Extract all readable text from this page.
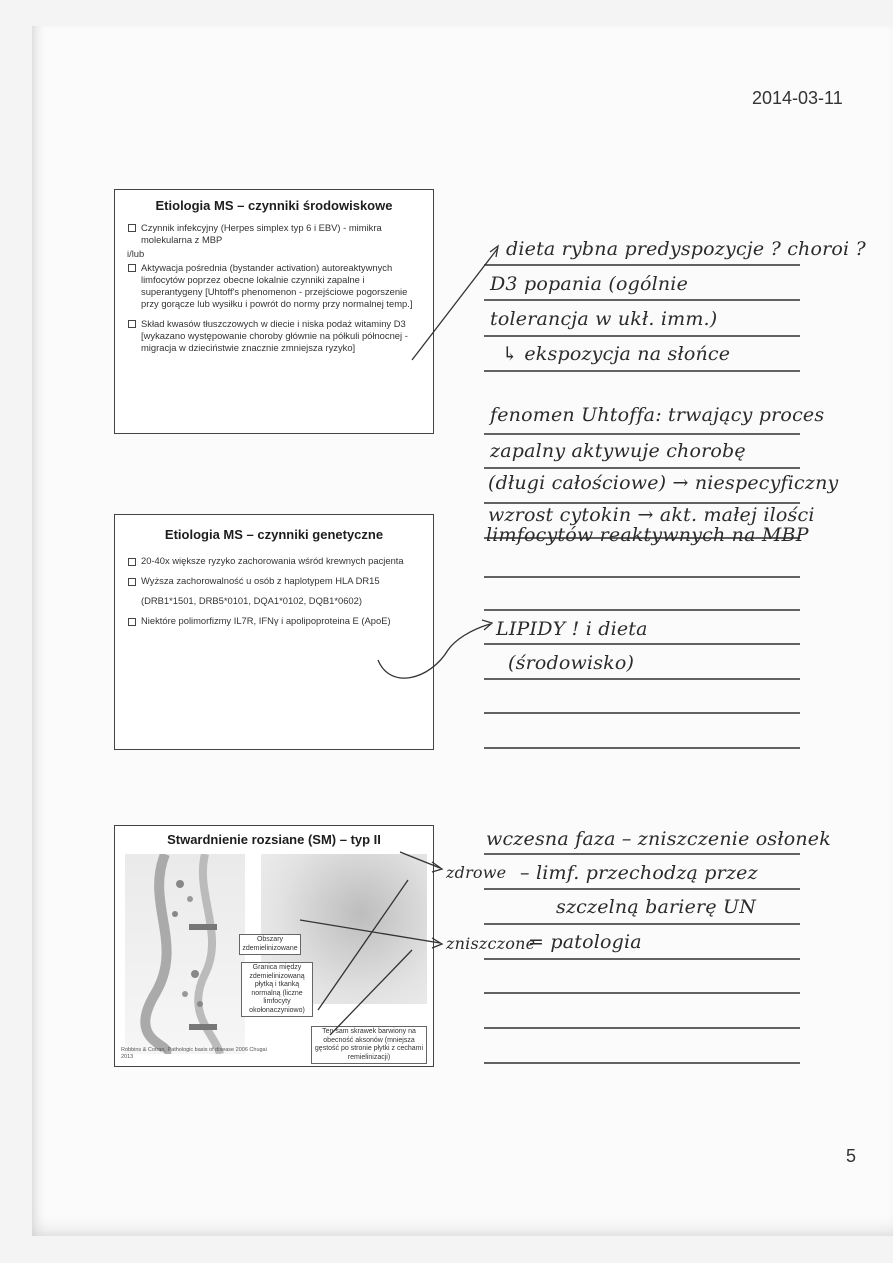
2014-03-11
Etiologia MS – czynniki środowiskowe
Czynnik infekcyjny (Herpes simplex typ 6 i EBV) - mimikra molekularna z MBP
i/lub
Aktywacja pośrednia (bystander activation) autoreaktywnych limfocytów poprzez obecne lokalnie czynniki zapalne i superantygeny [Uhtoff's phenomenon - przejściowe pogorszenie przy gorącze lub wysiłku i powrót do normy przy normalnej temp.]
Skład kwasów tłuszczowych w diecie i niska podaż witaminy D3 [wykazano występowanie choroby głównie na półkuli północnej - migracja w dzieciństwie znacznie zmniejsza ryzyko]
Etiologia MS – czynniki genetyczne
20-40x większe ryzyko zachorowania wśród krewnych pacjenta
Wyższa zachorowalność u osób z haplotypem HLA DR15 (DRB1*1501, DRB5*0101, DQA1*0102, DQB1*0602)
Niektóre polimorfizmy IL7R, IFNγ i apolipoproteina E (ApoE)
Stwardnienie rozsiane (SM) – typ II
Obszary zdemielinizowane
Granica między zdemielinizowaną płytką i tkanką normalną (liczne limfocyty okołonaczyniowo)
Ten sam skrawek barwiony na obecność aksonów (mniejsza gęstość po stronie płytki z cechami remielinizacji)
Robbins & Cotran, Pathologic basis of disease 2006 Chugai 2013
dieta rybna predyspozycje ? choroi ?
D3 popania (ogólnie
tolerancja w ukł. imm.)
↳ ekspozycja na słońce
fenomen Uhtoffa: trwający proces
zapalny aktywuje chorobę
(długi całościowe) → niespecyficzny
wzrost cytokin → akt. małej ilości
limfocytów reaktywnych na MBP
LIPIDY ! i dieta
(środowisko)
wczesna faza – zniszczenie osłonek
zdrowe – limf. przechodzą przez
szczelną barierę UN
zniszczone
= patologia
5
